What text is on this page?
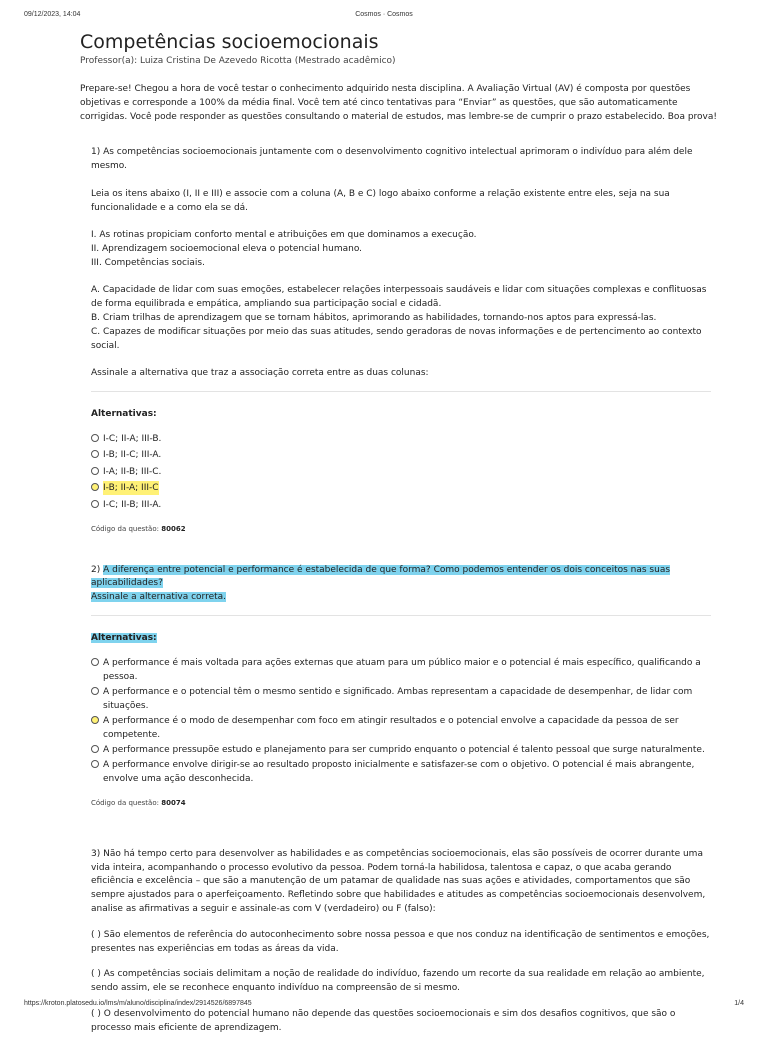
09/12/2023, 14:04	Cosmos · Cosmos
Competências socioemocionais
Professor(a): Luiza Cristina De Azevedo Ricotta (Mestrado acadêmico)
Prepare-se! Chegou a hora de você testar o conhecimento adquirido nesta disciplina. A Avaliação Virtual (AV) é composta por questões objetivas e corresponde a 100% da média final. Você tem até cinco tentativas para “Enviar” as questões, que são automaticamente corrigidas. Você pode responder as questões consultando o material de estudos, mas lembre-se de cumprir o prazo estabelecido. Boa prova!

1) As competências socioemocionais juntamente com o desenvolvimento cognitivo intelectual aprimoram o indivíduo para além dele mesmo.

Leia os itens abaixo (I, II e III) e associe com a coluna (A, B e C) logo abaixo conforme a relação existente entre eles, seja na sua funcionalidade e a como ela se dá.

I. As rotinas propiciam conforto mental e atribuições em que dominamos a execução.

II. Aprendizagem socioemocional eleva o potencial humano.

III. Competências sociais.

A. Capacidade de lidar com suas emoções, estabelecer relações interpessoais saudáveis e lidar com situações complexas e conflituosas de forma equilibrada e empática, ampliando sua participação social e cidadã.

B. Criam trilhas de aprendizagem que se tornam hábitos, aprimorando as habilidades, tornando-nos aptos para expressá-las.

C. Capazes de modificar situações por meio das suas atitudes, sendo geradoras de novas informações e de pertencimento ao contexto social.

Assinale a alternativa que traz a associação correta entre as duas colunas:

Alternativas:
I-C; II-A; III-B.
I-B; II-C; III-A.
I-A; II-B; III-C.
I-B; II-A; III-C
I-C; II-B; III-A.
Código da questão: 80062

2) A diferença entre potencial e performance é estabelecida de que forma? Como podemos entender os dois conceitos nas suas aplicabilidades?
Assinale a alternativa correta.

Alternativas:
A performance é mais voltada para ações externas que atuam para um público maior e o potencial é mais específico, qualificando a pessoa.
A performance e o potencial têm o mesmo sentido e significado. Ambas representam a capacidade de desempenhar, de lidar com situações.
A performance é o modo de desempenhar com foco em atingir resultados e o potencial envolve a capacidade da pessoa de ser competente.
A performance pressupõe estudo e planejamento para ser cumprido enquanto o potencial é talento pessoal que surge naturalmente.
A performance envolve dirigir-se ao resultado proposto inicialmente e satisfazer-se com o objetivo. O potencial é mais abrangente, envolve uma ação desconhecida.
Código da questão: 80074

3) Não há tempo certo para desenvolver as habilidades e as competências socioemocionais, elas são possíveis de ocorrer durante uma vida inteira, acompanhando o processo evolutivo da pessoa. Podem torná-la habilidosa, talentosa e capaz, o que acaba gerando eficiência e excelência – que são a manutenção de um patamar de qualidade nas suas ações e atividades, comportamentos que são sempre ajustados para o aperfeiçoamento. Refletindo sobre que habilidades e atitudes as competências socioemocionais desenvolvem, analise as afirmativas a seguir e assinale-as com V (verdadeiro) ou F (falso):

( ) São elementos de referência do autoconhecimento sobre nossa pessoa e que nos conduz na identificação de sentimentos e emoções, presentes nas experiências em todas as áreas da vida.

( ) As competências sociais delimitam a noção de realidade do indivíduo, fazendo um recorte da sua realidade em relação ao ambiente, sendo assim, ele se reconhece enquanto indivíduo na compreensão de si mesmo.

( ) O desenvolvimento do potencial humano não depende das questões socioemocionais e sim dos desafios cognitivos, que são o processo mais eficiente de aprendizagem.

https://kroton.platosedu.io/lms/m/aluno/disciplina/index/2914526/6897845	1/4
